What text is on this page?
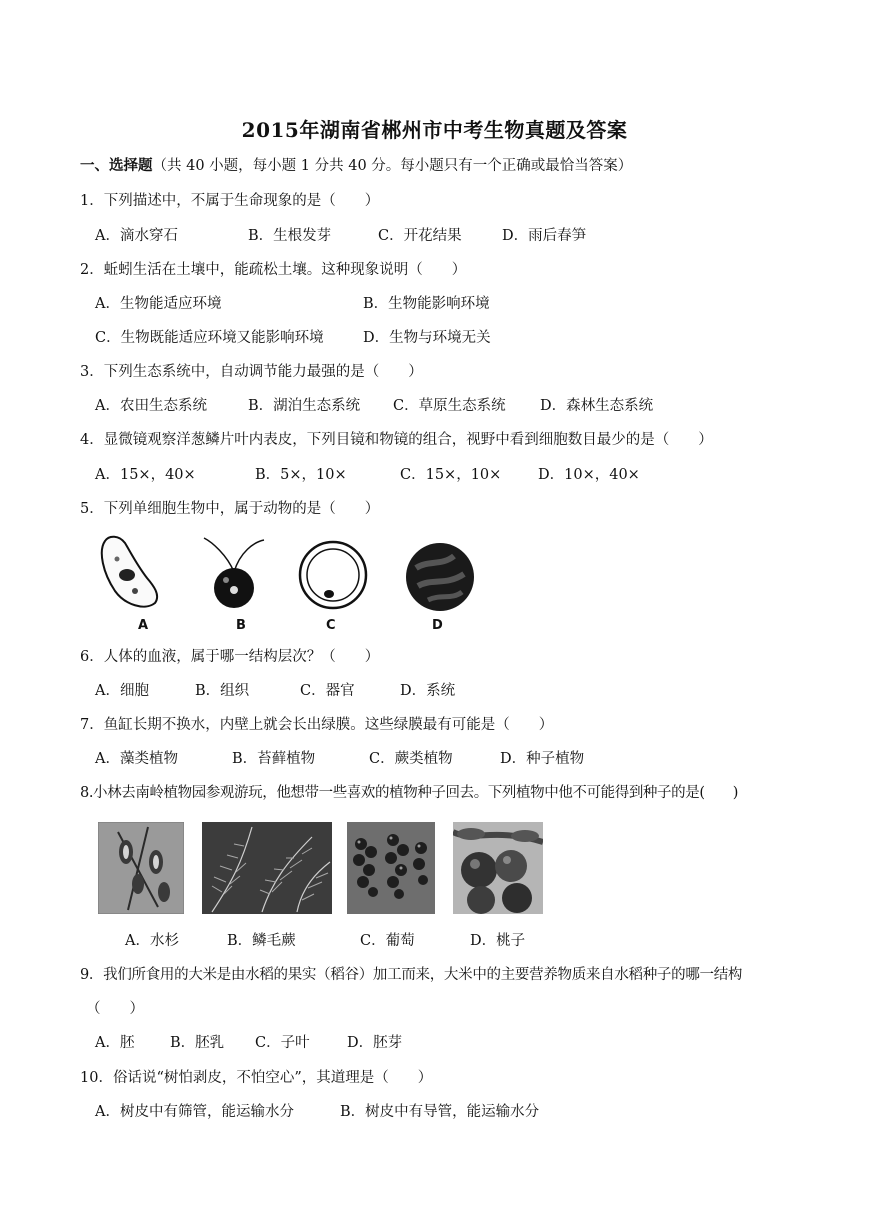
2015年湖南省郴州市中考生物真题及答案
一、选择题（共 40 小题，每小题 1 分共 40 分。每小题只有一个正确或最恰当答案）
1．下列描述中，不属于生命现象的是（　　）
A．滴水穿石	B．生根发芽	C．开花结果	D．雨后春笋
2．蚯蚓生活在土壤中，能疏松土壤。这种现象说明（　　）
A．生物能适应环境	B．生物能影响环境
C．生物既能适应环境又能影响环境	D．生物与环境无关
3．下列生态系统中，自动调节能力最强的是（　　）
A．农田生态系统	B．湖泊生态系统 C．草原生态系统 D．森林生态系统
4．显微镜观察洋葱鳞片叶内表皮，下列目镜和物镜的组合，视野中看到细胞数目最少的是（　　）
A．15×，40×	B．5×，10×	C．15×，10×	D．10×，40×
5．下列单细胞生物中，属于动物的是（　　）
A	B	C	D
6．人体的血液，属于哪一结构层次？（　　）
A．细胞	B．组织	C．器官	D．系统
7．鱼缸长期不换水，内壁上就会长出绿膜。这些绿膜最有可能是（　　）
A．藻类植物	B．苔藓植物	C．蕨类植物	D．种子植物
8.小林去南岭植物园参观游玩，他想带一些喜欢的植物种子回去。下列植物中他不可能得到种子的是(　　)
A．水杉	B．鳞毛蕨	C．葡萄	D．桃子
9．我们所食用的大米是由水稻的果实（稻谷）加工而来，大米中的主要营养物质来自水稻种子的哪一结构
（　　）
A．胚 B．胚乳 C．子叶	D．胚芽
10．俗话说“树怕剥皮，不怕空心”，其道理是（　　）
A．树皮中有筛管，能运输水分	B．树皮中有导管，能运输水分
